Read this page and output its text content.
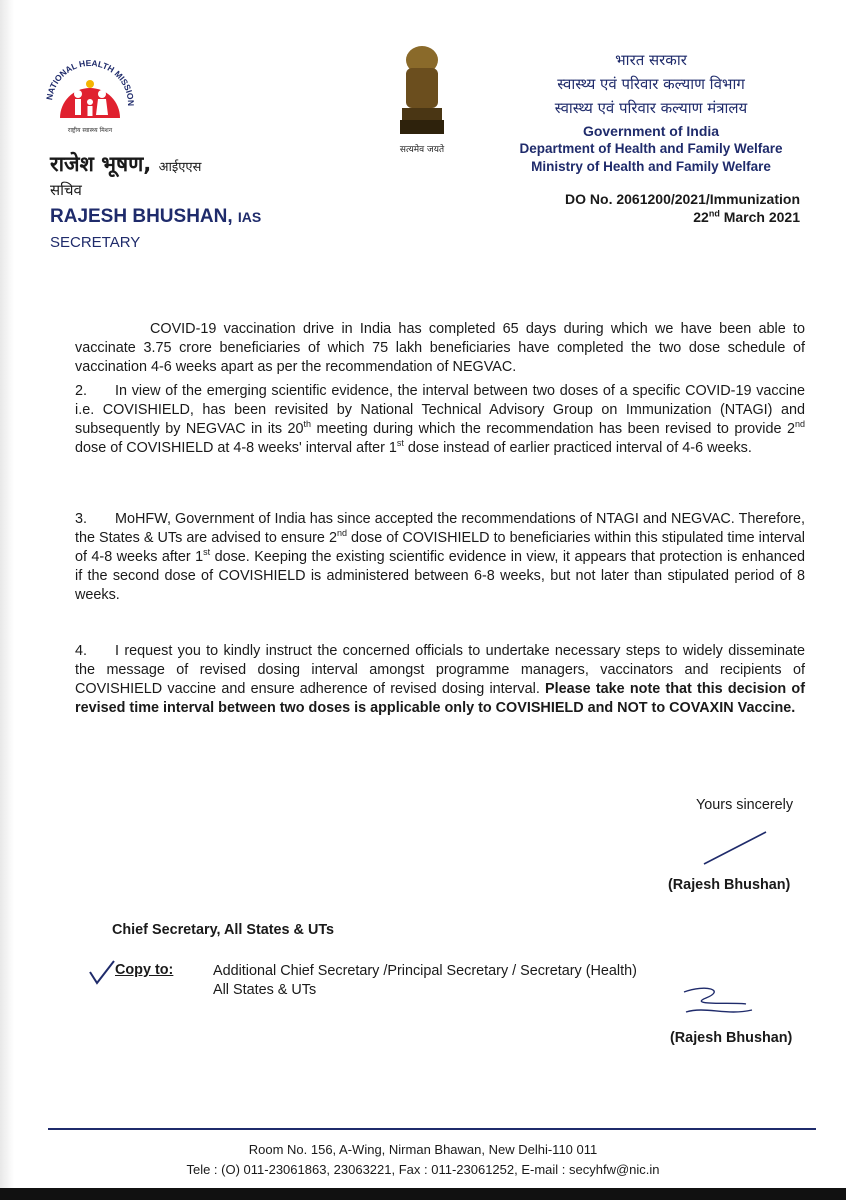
NATIONAL HEALTH MISSION
राष्ट्रीय स्वास्थ्य मिशन
सत्यमेव जयते
राजेश भूषण, आईएएस
सचिव
RAJESH BHUSHAN, IAS
SECRETARY
भारत सरकार
स्वास्थ्य एवं परिवार कल्याण विभाग
स्वास्थ्य एवं परिवार कल्याण मंत्रालय
Government of India
Department of Health and Family Welfare
Ministry of Health and Family Welfare
DO No. 2061200/2021/Immunization
22nd March 2021
COVID-19 vaccination drive in India has completed 65 days during which we have been able to vaccinate 3.75 crore beneficiaries of which 75 lakh beneficiaries have completed the two dose schedule of vaccination 4-6 weeks apart as per the recommendation of NEGVAC.
2. In view of the emerging scientific evidence, the interval between two doses of a specific COVID-19 vaccine i.e. COVISHIELD, has been revisited by National Technical Advisory Group on Immunization (NTAGI) and subsequently by NEGVAC in its 20th meeting during which the recommendation has been revised to provide 2nd dose of COVISHIELD at 4-8 weeks' interval after 1st dose instead of earlier practiced interval of 4-6 weeks.
3. MoHFW, Government of India has since accepted the recommendations of NTAGI and NEGVAC. Therefore, the States & UTs are advised to ensure 2nd dose of COVISHIELD to beneficiaries within this stipulated time interval of 4-8 weeks after 1st dose. Keeping the existing scientific evidence in view, it appears that protection is enhanced if the second dose of COVISHIELD is administered between 6-8 weeks, but not later than stipulated period of 8 weeks.
4. I request you to kindly instruct the concerned officials to undertake necessary steps to widely disseminate the message of revised dosing interval amongst programme managers, vaccinators and recipients of COVISHIELD vaccine and ensure adherence of revised dosing interval. Please take note that this decision of revised time interval between two doses is applicable only to COVISHIELD and NOT to COVAXIN Vaccine.
Yours sincerely
(Rajesh Bhushan)
Chief Secretary, All States & UTs
Copy to:	Additional Chief Secretary /Principal Secretary / Secretary (Health)
All States & UTs
(Rajesh Bhushan)
Room No. 156, A-Wing, Nirman Bhawan, New Delhi-110 011
Tele : (O) 011-23061863, 23063221, Fax : 011-23061252, E-mail : secyhfw@nic.in
